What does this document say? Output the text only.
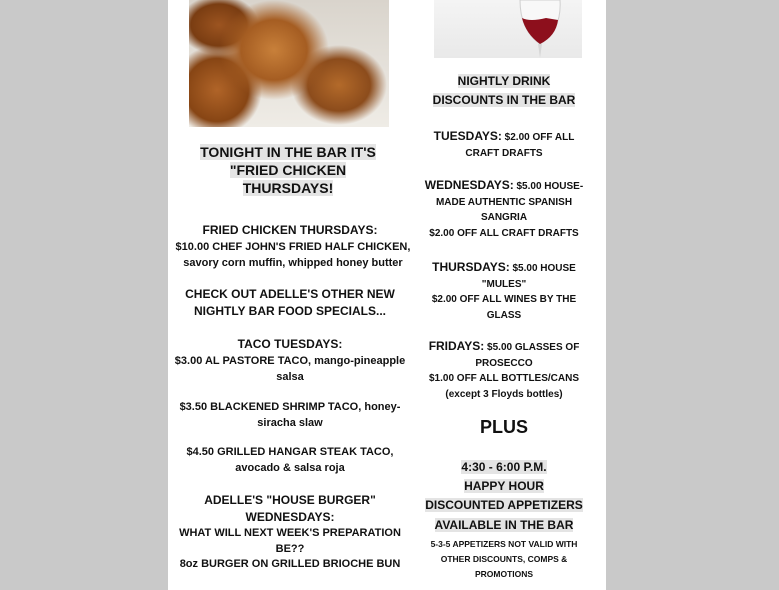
TONIGHT IN THE BAR IT'S
"FRIED CHICKEN
THURSDAYS!
FRIED CHICKEN THURSDAYS:
$10.00 CHEF JOHN'S FRIED HALF CHICKEN,
savory corn muffin, whipped honey butter
CHECK OUT ADELLE'S OTHER NEW
NIGHTLY BAR FOOD SPECIALS...
TACO TUESDAYS:
$3.00 AL PASTORE TACO, mango-pineapple
salsa
$3.50 BLACKENED SHRIMP TACO, honey-
siracha slaw
$4.50 GRILLED HANGAR STEAK TACO,
avocado & salsa roja
ADELLE'S "HOUSE BURGER"
WEDNESDAYS:
WHAT WILL NEXT WEEK'S PREPARATION
BE??
8oz BURGER ON GRILLED BRIOCHE BUN
NIGHTLY DRINK
DISCOUNTS IN THE BAR
TUESDAYS: $2.00 OFF ALL
CRAFT DRAFTS
WEDNESDAYS: $5.00 HOUSE-
MADE AUTHENTIC SPANISH
SANGRIA
$2.00 OFF ALL CRAFT DRAFTS
THURSDAYS: $5.00 HOUSE
"MULES"
$2.00 OFF ALL WINES BY THE
GLASS
FRIDAYS: $5.00 GLASSES OF
PROSECCO
$1.00 OFF ALL BOTTLES/CANS
(except 3 Floyds bottles)
PLUS
4:30 - 6:00 P.M.
HAPPY HOUR
DISCOUNTED APPETIZERS
AVAILABLE IN THE BAR
5-3-5 APPETIZERS NOT VALID WITH
OTHER DISCOUNTS, COMPS &
PROMOTIONS
